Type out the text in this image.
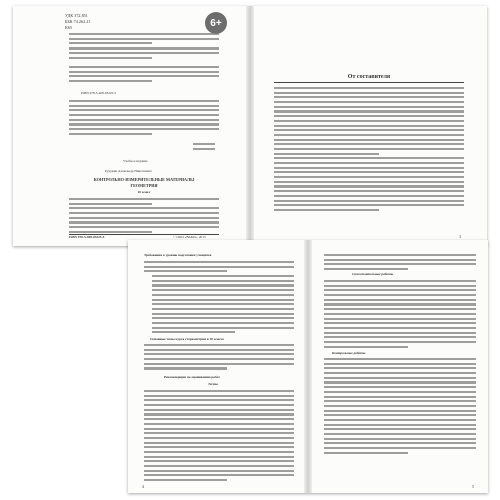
УДК 372.851
ББК 74.262.21
К65	6+
ISBN 978-5-408-03225-5
Учебное издание
Рурукин Александр Николаевич
КОНТРОЛЬНО-ИЗМЕРИТЕЛЬНЫЕ МАТЕРИАЛЫ
ГЕОМЕТРИЯ
10 класс
ISBN 978-5-408-03225-5	© ООО «ВАКО», 2013
От составителя
3
Требования к уровню подготовки учащихся
Основные темы курса стереометрии в 10 классе
Рекомендации по оцениванию работ
Тесты
4
Самостоятельные работы
Контрольные работы
5
